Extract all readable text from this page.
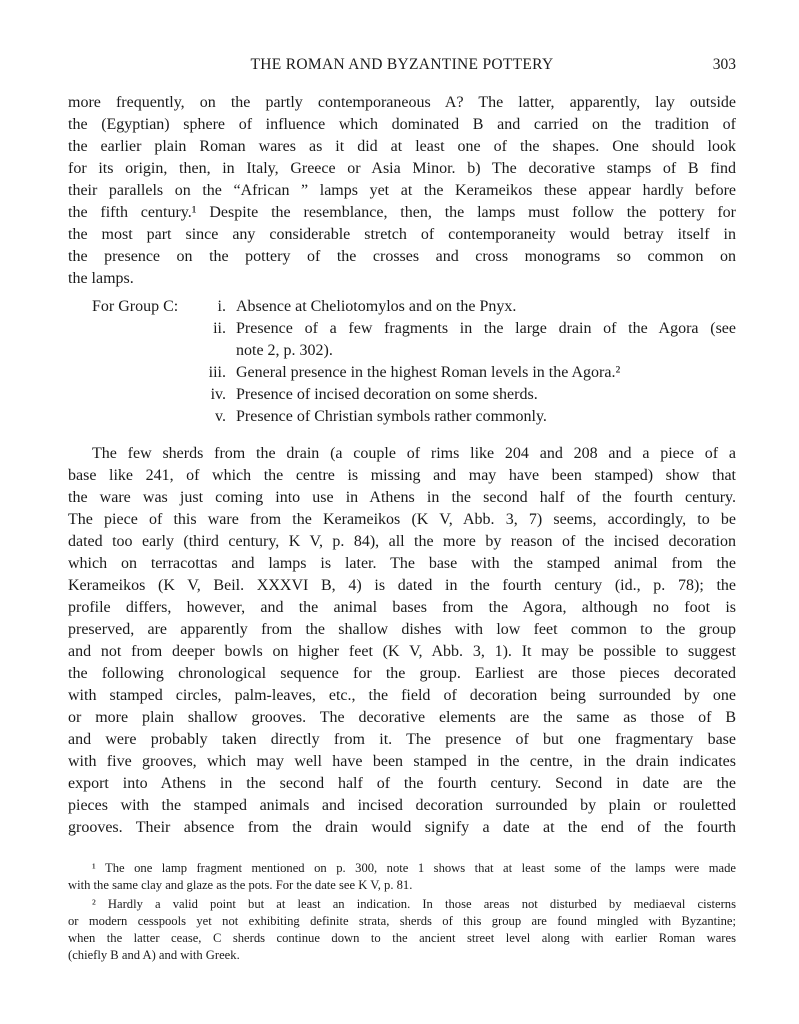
THE ROMAN AND BYZANTINE POTTERY	303

more frequently, on the partly contemporaneous A? The latter, apparently, lay outside

the (Egyptian) sphere of influence which dominated B and carried on the tradition of

the earlier plain Roman wares as it did at least one of the shapes. One should look

for its origin, then, in Italy, Greece or Asia Minor. b) The decorative stamps of B find

their parallels on the “African ” lamps yet at the Kerameikos these appear hardly before

the fifth century.¹ Despite the resemblance, then, the lamps must follow the pottery for

the most part since any considerable stretch of contemporaneity would betray itself in

the presence on the pottery of the crosses and cross monograms so common on

the lamps.

For Group C:	i. Absence at Cheliotomylos and on the Pnyx.
ii. Presence of a few fragments in the large drain of the Agora (see
note 2, p. 302).
iii. General presence in the highest Roman levels in the Agora.²
iv. Presence of incised decoration on some sherds.
v. Presence of Christian symbols rather commonly.

The few sherds from the drain (a couple of rims like 204 and 208 and a piece of a

base like 241, of which the centre is missing and may have been stamped) show that

the ware was just coming into use in Athens in the second half of the fourth century.

The piece of this ware from the Kerameikos (K V, Abb. 3, 7) seems, accordingly, to be

dated too early (third century, K V, p. 84), all the more by reason of the incised decoration

which on terracottas and lamps is later. The base with the stamped animal from the

Kerameikos (K V, Beil. XXXVI B, 4) is dated in the fourth century (id., p. 78); the

profile differs, however, and the animal bases from the Agora, although no foot is

preserved, are apparently from the shallow dishes with low feet common to the group

and not from deeper bowls on higher feet (K V, Abb. 3, 1). It may be possible to suggest

the following chronological sequence for the group. Earliest are those pieces decorated

with stamped circles, palm-leaves, etc., the field of decoration being surrounded by one

or more plain shallow grooves. The decorative elements are the same as those of B

and were probably taken directly from it. The presence of but one fragmentary base

with five grooves, which may well have been stamped in the centre, in the drain indicates

export into Athens in the second half of the fourth century. Second in date are the

pieces with the stamped animals and incised decoration surrounded by plain or rouletted

grooves. Their absence from the drain would signify a date at the end of the fourth

¹ The one lamp fragment mentioned on p. 300, note 1 shows that at least some of the lamps were made
with the same clay and glaze as the pots. For the date see K V, p. 81.
² Hardly a valid point but at least an indication. In those areas not disturbed by mediaeval cisterns
or modern cesspools yet not exhibiting definite strata, sherds of this group are found mingled with Byzantine;
when the latter cease, C sherds continue down to the ancient street level along with earlier Roman wares
(chiefly B and A) and with Greek.
